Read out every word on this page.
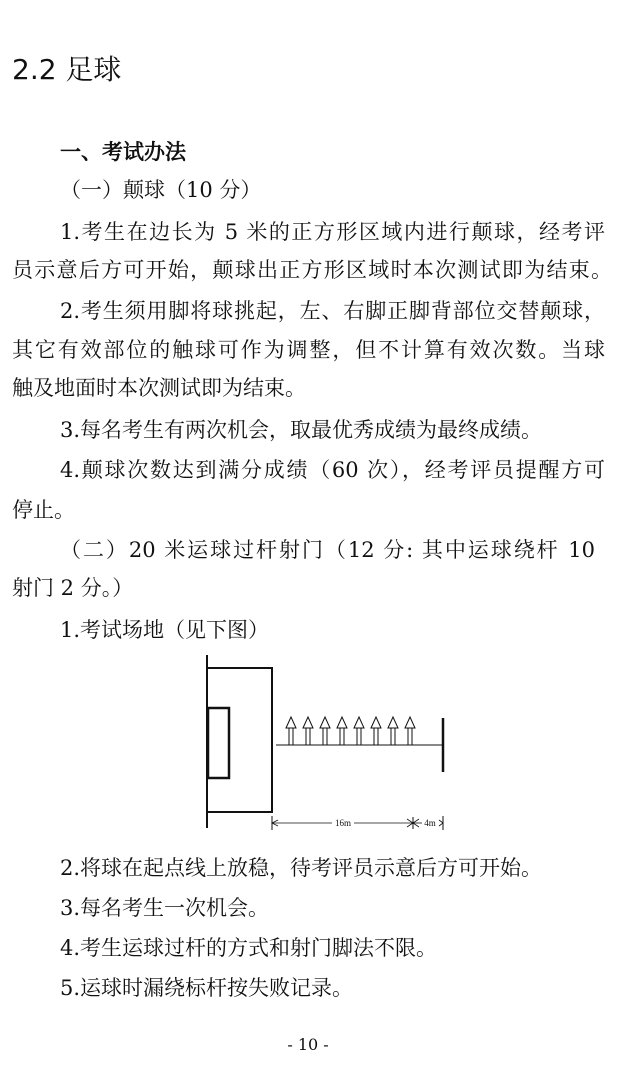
2.2 足球
一、考试办法
（一）颠球（10 分）
1.考生在边长为 5 米的正方形区域内进行颠球，经考评
员示意后方可开始，颠球出正方形区域时本次测试即为结束。
2.考生须用脚将球挑起，左、右脚正脚背部位交替颠球，
其它有效部位的触球可作为调整，但不计算有效次数。当球
触及地面时本次测试即为结束。
3.每名考生有两次机会，取最优秀成绩为最终成绩。
4.颠球次数达到满分成绩（60 次），经考评员提醒方可
停止。
（二）20 米运球过杆射门（12 分: 其中运球绕杆 10
射门 2 分。）
1.考试场地（见下图）
16m	4m
2.将球在起点线上放稳，待考评员示意后方可开始。
3.每名考生一次机会。
4.考生运球过杆的方式和射门脚法不限。
5.运球时漏绕标杆按失败记录。
- 10 -
